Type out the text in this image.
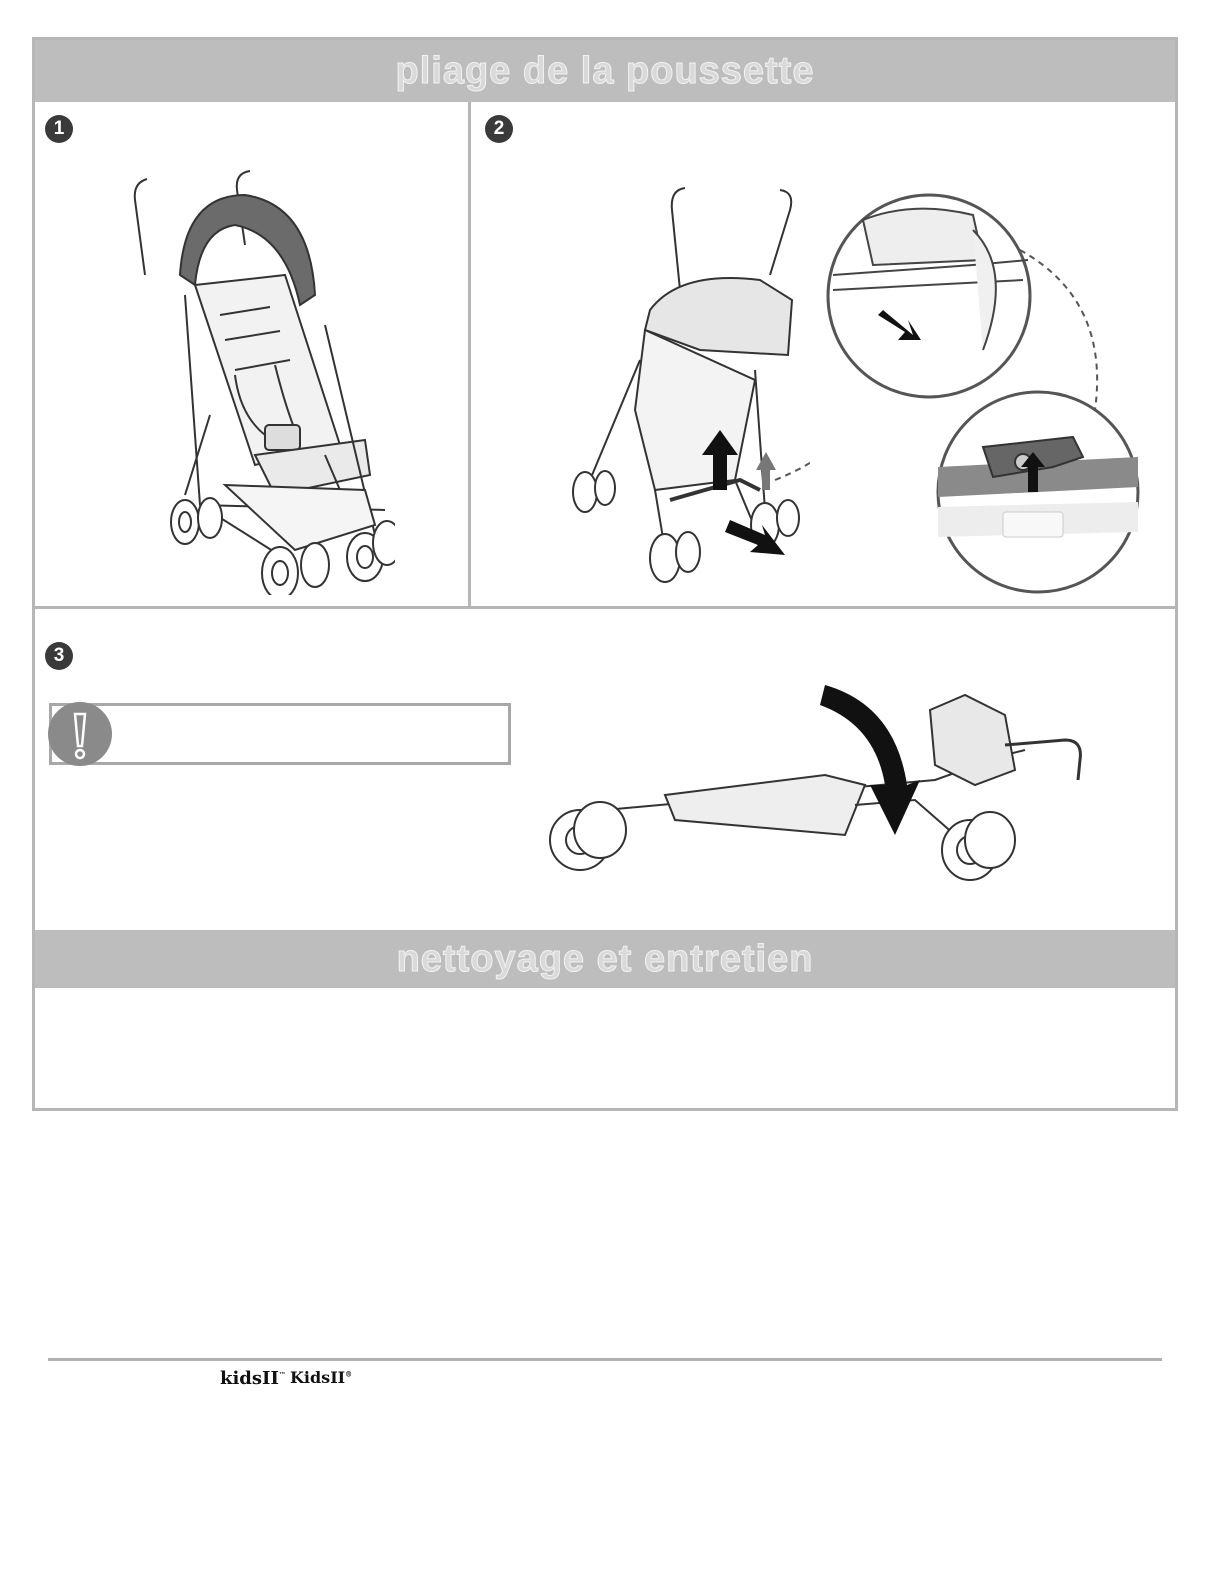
pliage de la poussette
1	2
3
nettoyage et entretien
kidsII™ KidsII®
